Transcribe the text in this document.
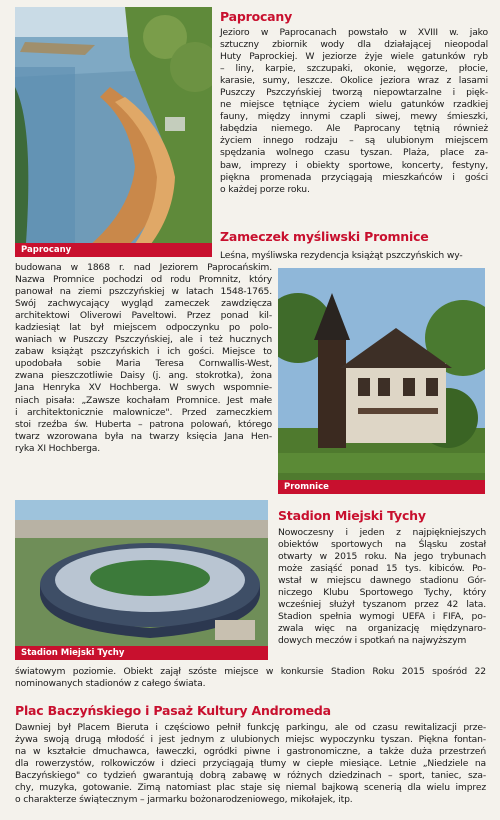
Paprocany
Paprocany
Jezioro w Paprocanach powstało w XVIII w. jako
sztuczny zbiornik wody dla działającej nieopodal
Huty Paprockiej. W jeziorze żyje wiele gatunków ryb
– liny, karpie, szczupaki, okonie, węgorze, płocie,
karasie, sumy, leszcze. Okolice jeziora wraz z lasami
Puszczy Pszczyńskiej tworzą niepowtarzalne i pięk-
ne miejsce tętniące życiem wielu gatunków rzadkiej
fauny, między innymi czapli siwej, mewy śmieszki,
łabędzia niemego. Ale Paprocany tętnią również
życiem innego rodzaju – są ulubionym miejscem
spędzania wolnego czasu tyszan. Plaża, place za-
baw, imprezy i obiekty sportowe, koncerty, festyny,
piękna promenada przyciągają mieszkańców i gości
o każdej porze roku.
Zameczek myśliwski Promnice
Leśna, myśliwska rezydencja książąt pszczyńskich wy-
budowana w 1868 r. nad Jeziorem Paprocańskim.
Nazwa Promnice pochodzi od rodu Promnitz, który
panował na ziemi pszczyńskiej w latach 1548-1765.
Swój zachwycający wygląd zameczek zawdzięcza
architektowi Oliverowi Paveltowi. Przez ponad kil-
kadziesiąt lat był miejscem odpoczynku po polo-
waniach w Puszczy Pszczyńskiej, ale i też hucznych
zabaw książąt pszczyńskich i ich gości. Miejsce to
upodobała sobie Maria Teresa Cornwallis-West,
zwana pieszczotliwie Daisy (j. ang. stokrotka), żona
Jana Henryka XV Hochberga. W swych wspomnie-
niach pisała: „Zawsze kochałam Promnice. Jest małe
i architektonicznie malownicze". Przed zameczkiem
stoi rzeźba św. Huberta – patrona polowań, którego
twarz wzorowana była na twarzy księcia Jana Hen-
ryka XI Hochberga.
Promnice
Stadion Miejski Tychy
Stadion Miejski Tychy
Nowoczesny i jeden z najpiękniejszych
obiektów sportowych na Śląsku został
otwarty w 2015 roku. Na jego trybunach
może zasiąść ponad 15 tys. kibiców. Po-
wstał w miejscu dawnego stadionu Gór-
niczego Klubu Sportowego Tychy, który
wcześniej służył tyszanom przez 42 lata.
Stadion spełnia wymogi UEFA i FIFA, po-
zwala więc na organizację międzynaro-
dowych meczów i spotkań na najwyższym
światowym poziomie. Obiekt zajął szóste miejsce w konkursie Stadion Roku 2015 spośród 22
nominowanych stadionów z całego świata.
Plac Baczyńskiego i Pasaż Kultury Andromeda
Dawniej był Placem Bieruta i częściowo pełnił funkcję parkingu, ale od czasu rewitalizacji prze-
żywa swoją drugą młodość i jest jednym z ulubionych miejsc wypoczynku tyszan. Piękna fontan-
na w kształcie dmuchawca, ławeczki, ogródki piwne i gastronomiczne, a także duża przestrzeń
dla rowerzystów, rolkowiczów i dzieci przyciągają tłumy w ciepłe miesiące. Letnie „Niedziele na
Baczyńskiego" co tydzień gwarantują dobrą zabawę w różnych dziedzinach – sport, taniec, sza-
chy, muzyka, gotowanie. Zimą natomiast plac staje się niemal bajkową scenerią dla wielu imprez
o charakterze świątecznym – jarmarku bożonarodzeniowego, mikołajek, itp.
